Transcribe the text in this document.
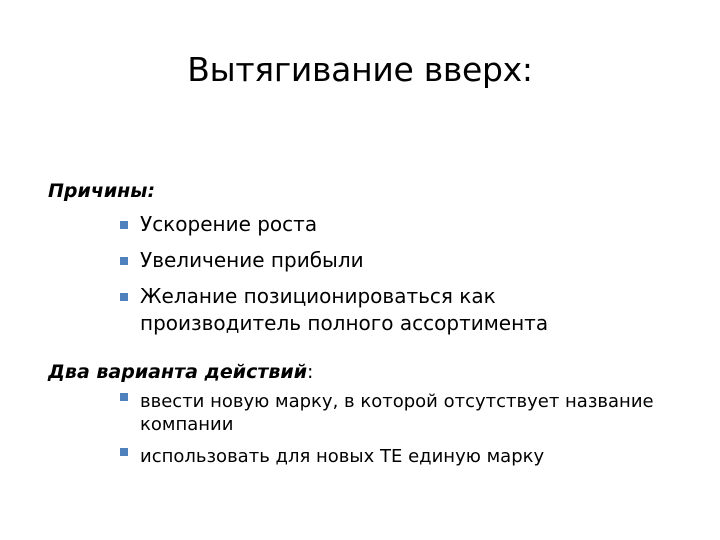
Вытягивание вверх:
Причины:
Ускорение роста
Увеличение прибыли
Желание позиционироваться как производитель полного ассортимента
Два варианта действий:
ввести новую марку, в которой отсутствует название компании
использовать для новых ТЕ единую марку
